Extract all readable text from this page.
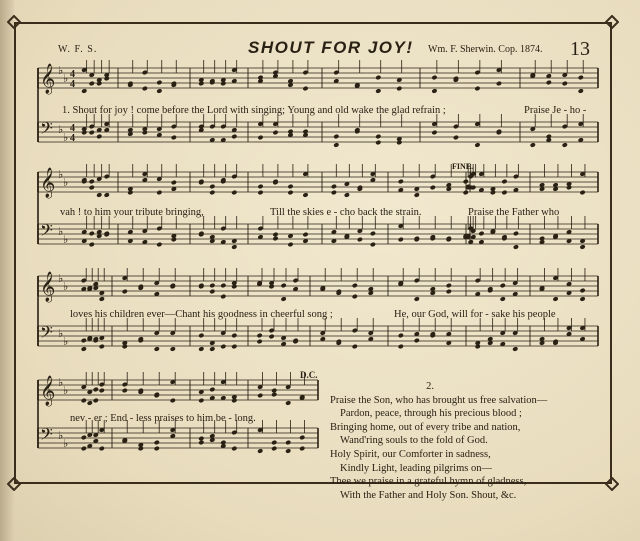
W. F. S.	SHOUT FOR JOY! Wm. F. Sherwin. Cop. 1874. 13
𝄞 ♭
♭ 4
4
𝄢 ♭
♭
4
4
𝄞 ♭
♭
𝄢 ♭
♭
𝄞 ♭
♭
𝄢 ♭
♭
𝄞 ♭
♭
𝄢 ♭
♭
1. Shout for joy ! come before the Lord with singing; Young and old wake the glad refrain ;	Praise Je - ho -
vah ! to him your tribute bringing,	Till the skies e - cho back the strain.	Praise the Father who
loves his children ever—Chant his goodness in cheerful song ;	He, our God, will for - sake his people
nev - er ; End - less praises to him be - long.
FINE.
D.C.
2.
Praise the Son, who has brought us free salvation—
Pardon, peace, through his precious blood ;
Bringing home, out of every tribe and nation,
Wand'ring souls to the fold of God.
Holy Spirit, our Comforter in sadness,
Kindly Light, leading pilgrims on—
Thee we praise in a grateful hymn of gladness,
With the Father and Holy Son. Shout, &c.
